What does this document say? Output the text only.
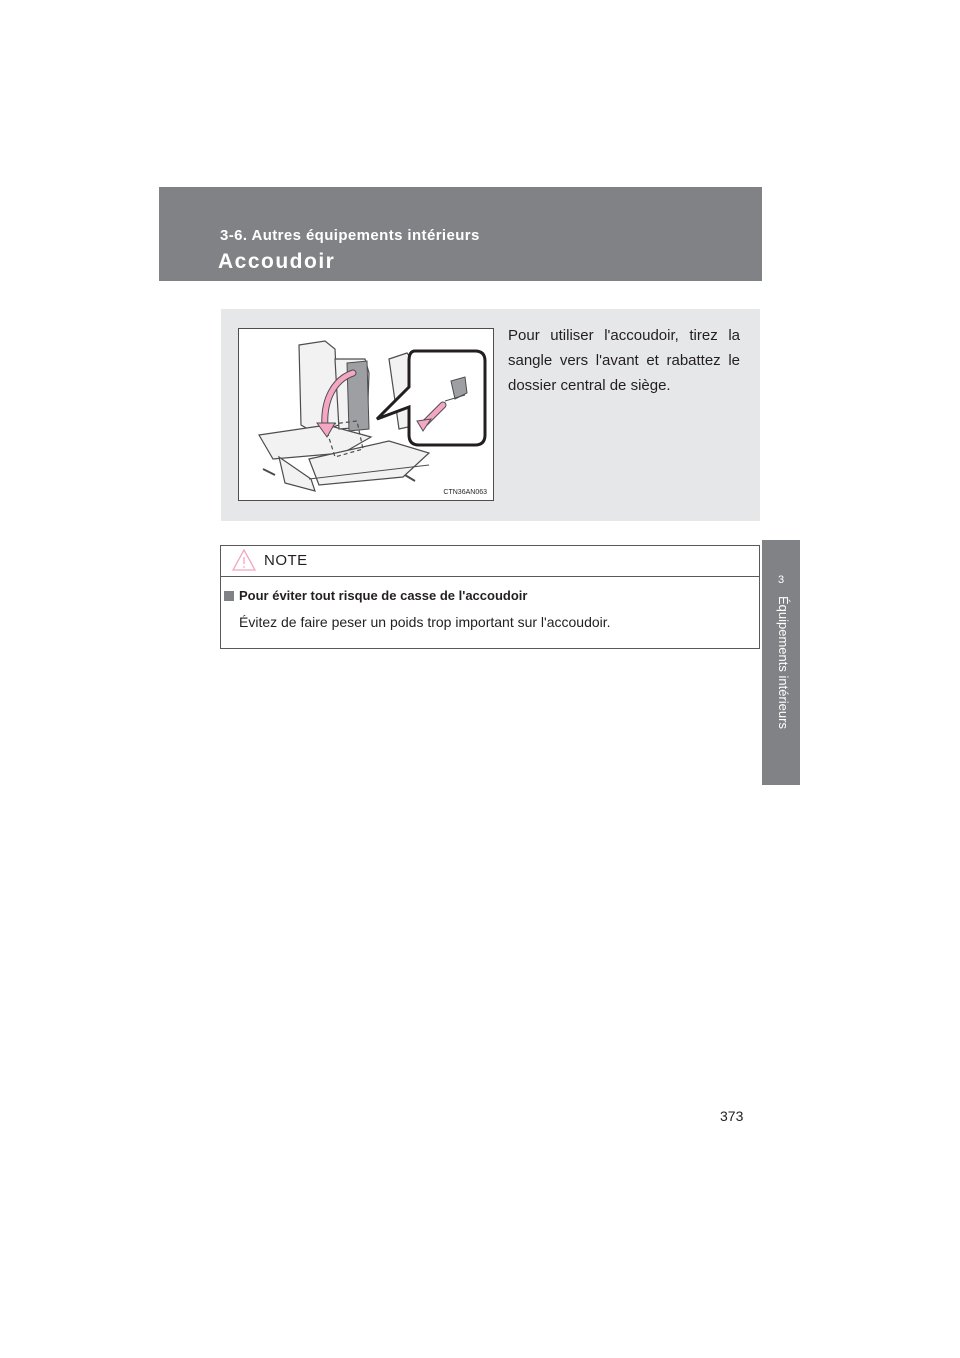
3-6. Autres équipements intérieurs
Accoudoir
3
Équipements intérieurs
CTN36AN063
Pour utiliser l'accoudoir, tirez la sangle vers l'avant et rabattez le dossier central de siège.
NOTE
Pour éviter tout risque de casse de l'accoudoir
Évitez de faire peser un poids trop important sur l'accoudoir.
373
